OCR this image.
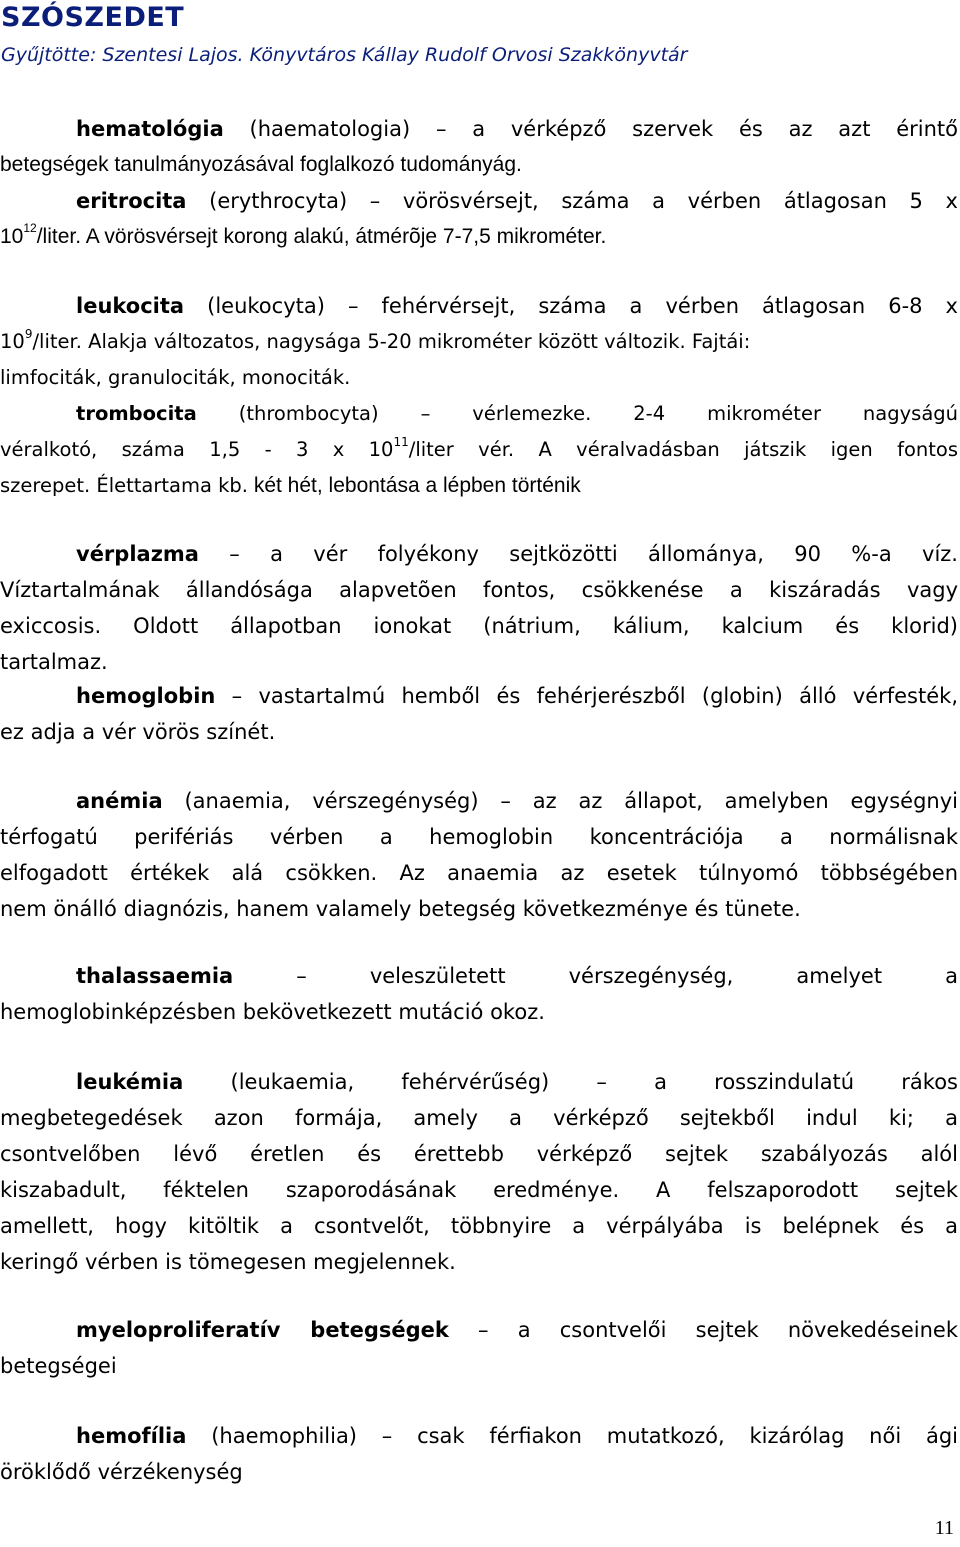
SZÓSZEDET
Gyűjtötte: Szentesi Lajos. Könyvtáros Kállay Rudolf Orvosi Szakkönyvtár
hematológia (haematologia) – a vérképző szervek és az azt érintő
betegségek tanulmányozásával foglalkozó tudományág.
eritrocita (erythrocyta) – vörösvérsejt, száma a vérben átlagosan 5 x
$10^{12}$/liter. A vörösvérsejt korong alakú, átmérõje 7-7,5 mikrométer.
leukocita (leukocyta) – fehérvérsejt, száma a vérben átlagosan 6-8 x
$10^9$/liter. Alakja változatos, nagysága 5-20 mikrométer között változik. Fajtái:
limfociták, granulociták, monociták.
trombocita (thrombocyta) – vérlemezke. 2-4 mikrométer nagyságú
véralkotó, száma 1,5 - 3 x $10^{11}$/liter vér. A véralvadásban játszik igen fontos
szerepet. Élettartama kb. két hét, lebontása a lépben történik
vérplazma – a vér folyékony sejtközötti állománya, 90 %-a víz.
Víztartalmának állandósága alapvetõen fontos, csökkenése a kiszáradás vagy
exiccosis. Oldott állapotban ionokat (nátrium, kálium, kalcium és klorid)
tartalmaz.
hemoglobin – vastartalmú hemből és fehérjerészből (globin) álló vérfesték,
ez adja a vér vörös színét.
anémia (anaemia, vérszegénység) – az az állapot, amelyben egységnyi
térfogatú perifériás vérben a hemoglobin koncentrációja a normálisnak
elfogadott értékek alá csökken. Az anaemia az esetek túlnyomó többségében
nem önálló diagnózis, hanem valamely betegség következménye és tünete.
thalassaemia	– veleszületett vérszegénység, amelyet a
hemoglobinképzésben bekövetkezett mutáció okoz.
leukémia (leukaemia, fehérvérűség) – a rosszindulatú rákos
megbetegedések azon formája, amely a vérképző sejtekből indul ki; a
csontvelőben lévő éretlen és érettebb vérképző sejtek szabályozás alól
kiszabadult, féktelen szaporodásának eredménye. A felszaporodott sejtek
amellett, hogy kitöltik a csontvelőt, többnyire a vérpályába is belépnek és a
keringő vérben is tömegesen megjelennek.
myeloproliferatív betegségek – a csontvelői sejtek növekedéseinek
betegségei
hemofília (haemophilia) – csak férfiakon mutatkozó, kizárólag női ági
öröklődő vérzékenység
11
